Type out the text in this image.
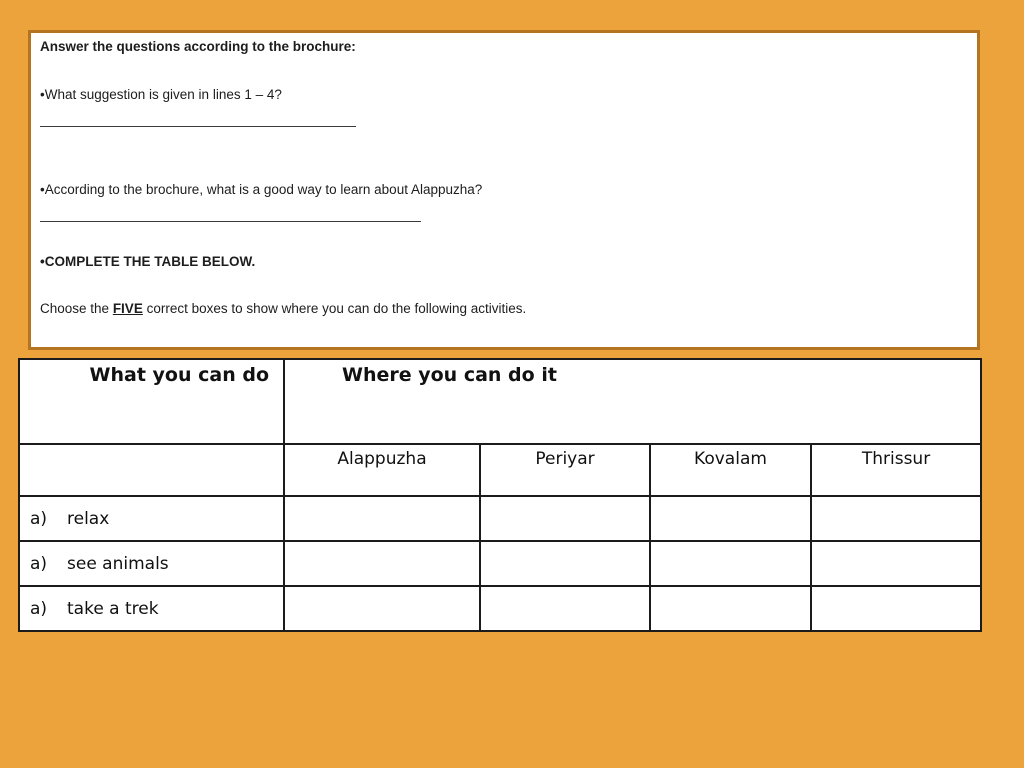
Answer the questions according to the brochure:
•What suggestion is given in lines 1 – 4?
•According to the brochure, what is a good way to learn about Alappuzha?
•COMPLETE THE TABLE BELOW.
Choose the FIVE correct boxes to show where you can do the following activities.
What you can do	Where you can do it			
	Alappuzha	Periyar	Kovalam	Thrissur
a) relax				
a) see animals				
a) take a trek				
